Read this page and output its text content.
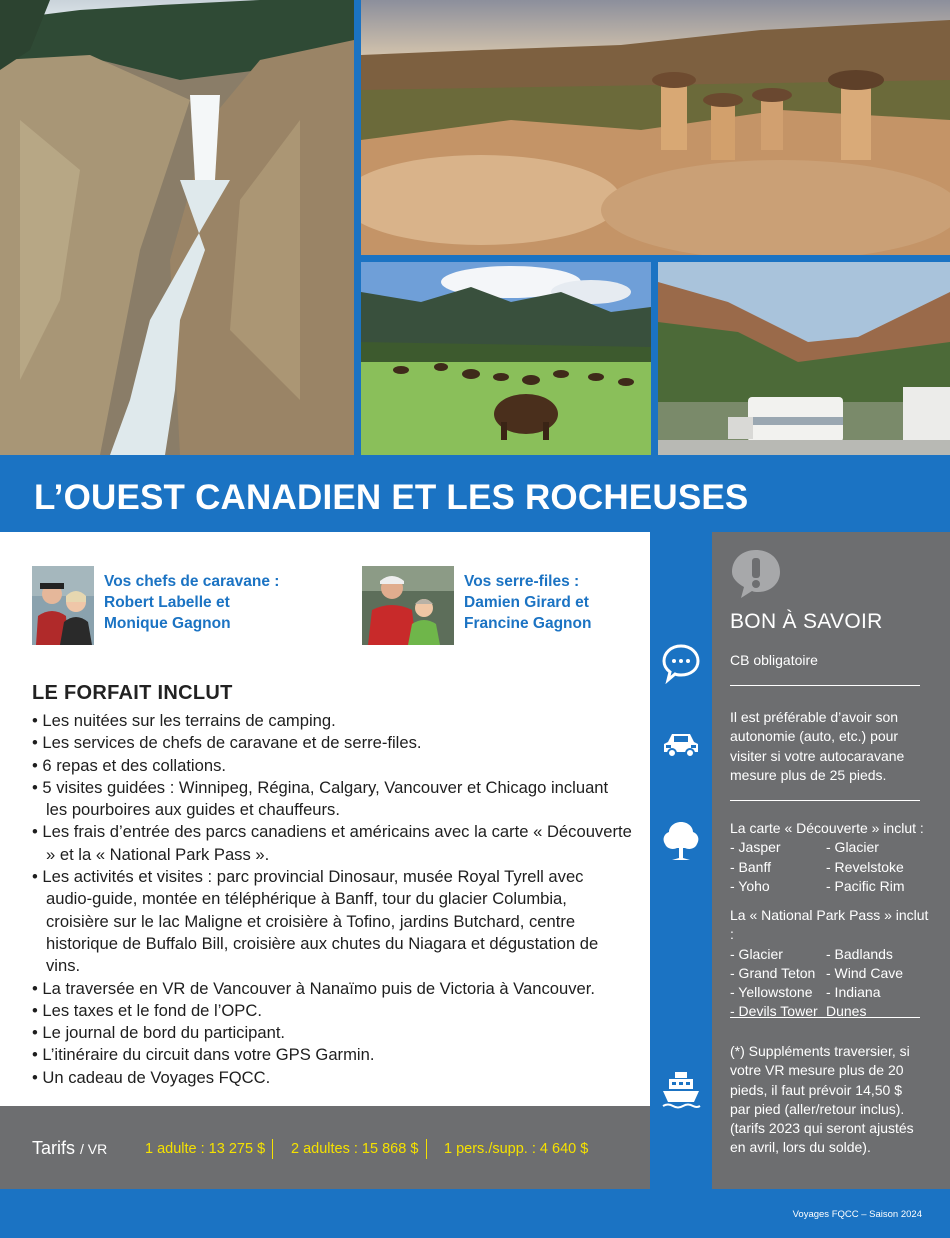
L’OUEST CANADIEN ET LES ROCHEUSES
Vos chefs de caravane :
Robert Labelle et
Monique Gagnon
Vos serre-files :
Damien Girard et
Francine Gagnon
LE FORFAIT INCLUT
• Les nuitées sur les terrains de camping.
• Les services de chefs de caravane et de serre-files.
• 6 repas et des collations.
• 5 visites guidées : Winnipeg, Régina, Calgary, Vancouver et Chicago incluant les pourboires aux guides et chauffeurs.
• Les frais d’entrée des parcs canadiens et américains avec la carte « Découverte » et la « National Park Pass ».
• Les activités et visites : parc provincial Dinosaur, musée Royal Tyrell avec audio-guide, montée en téléphérique à Banff, tour du glacier Columbia, croisière sur le lac Maligne et croisière à Tofino, jardins Butchard, centre historique de Buffalo Bill, croisière aux chutes du Niagara et dégustation de vins.
• La traversée en VR de Vancouver à Nanaïmo puis de Victoria à Vancouver.
• Les taxes et le fond de l’OPC.
• Le journal de bord du participant.
• L’itinéraire du circuit dans votre GPS Garmin.
• Un cadeau de Voyages FQCC.
Tarifs / VR	1 adulte : 13 275 $ 2 adultes : 15 868 $ 1 pers./supp. : 4 640 $
BON À SAVOIR
CB obligatoire
Il est préférable d’avoir son autonomie (auto, etc.) pour visiter si votre autocaravane mesure plus de 25 pieds.
La carte « Découverte » inclut :
- Jasper
- Banff
- Yoho
- Glacier
- Revelstoke
- Pacific Rim
La « National Park Pass » inclut :
- Glacier
- Grand Teton
- Yellowstone
- Devils Tower
- Badlands
- Wind Cave
- Indiana Dunes
(*) Suppléments traversier, si votre VR mesure plus de 20 pieds, il faut prévoir 14,50 $ par pied (aller/retour inclus). (tarifs 2023 qui seront ajustés en avril, lors du solde).
Voyages FQCC – Saison 2024
